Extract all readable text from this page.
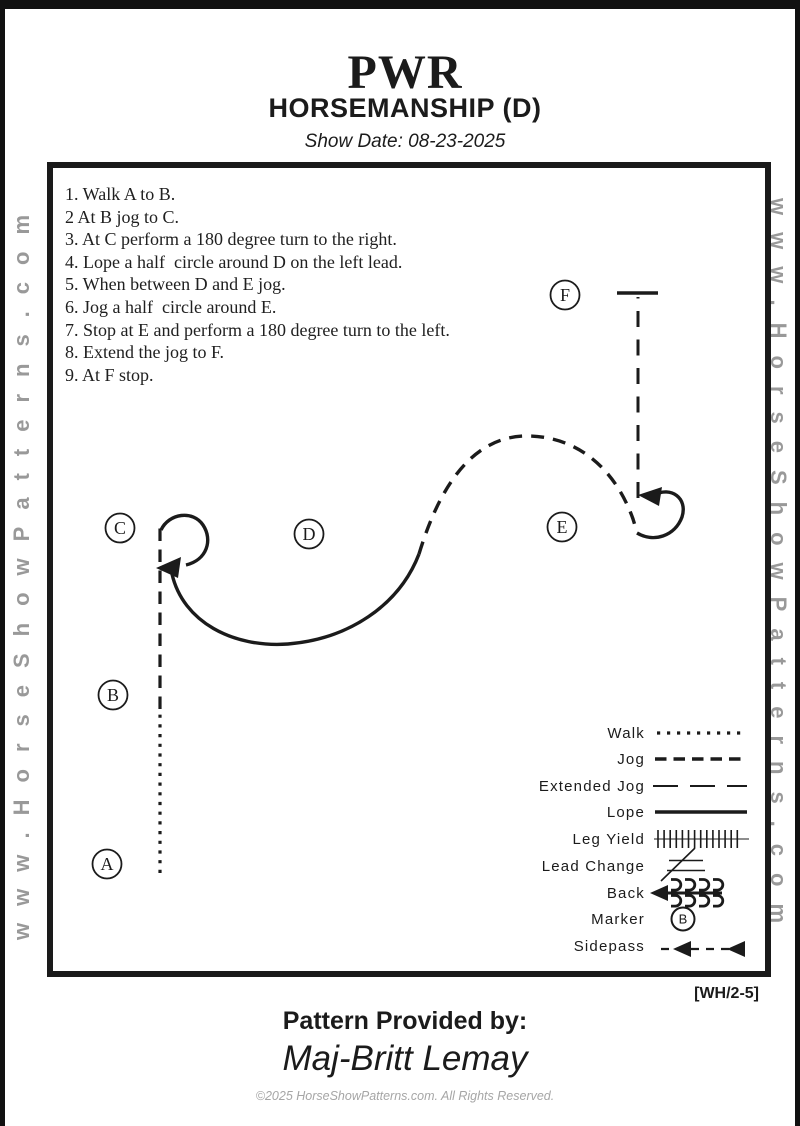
PWR
HORSEMANSHIP (D)
Show Date: 08-23-2025
www.HorseShowPatterns.com	www.HorseShowPatterns.com
1. Walk A to B.
2 At B jog to C.
3. At C perform a 180 degree turn to the right.
4. Lope a half  circle around D on the left lead.
5. When between D and E jog.
6. Jog a half  circle around E.
7. Stop at E and perform a 180 degree turn to the left.
8. Extend the jog to F.
9. At F stop.
A
B
C	D	E
F
Walk
Jog
Extended Jog
Lope
Leg Yield
Lead Change
Back
Marker
Sidepass
B
[WH/2-5]
Pattern Provided by:
Maj-Britt Lemay
©2025 HorseShowPatterns.com. All Rights Reserved.
